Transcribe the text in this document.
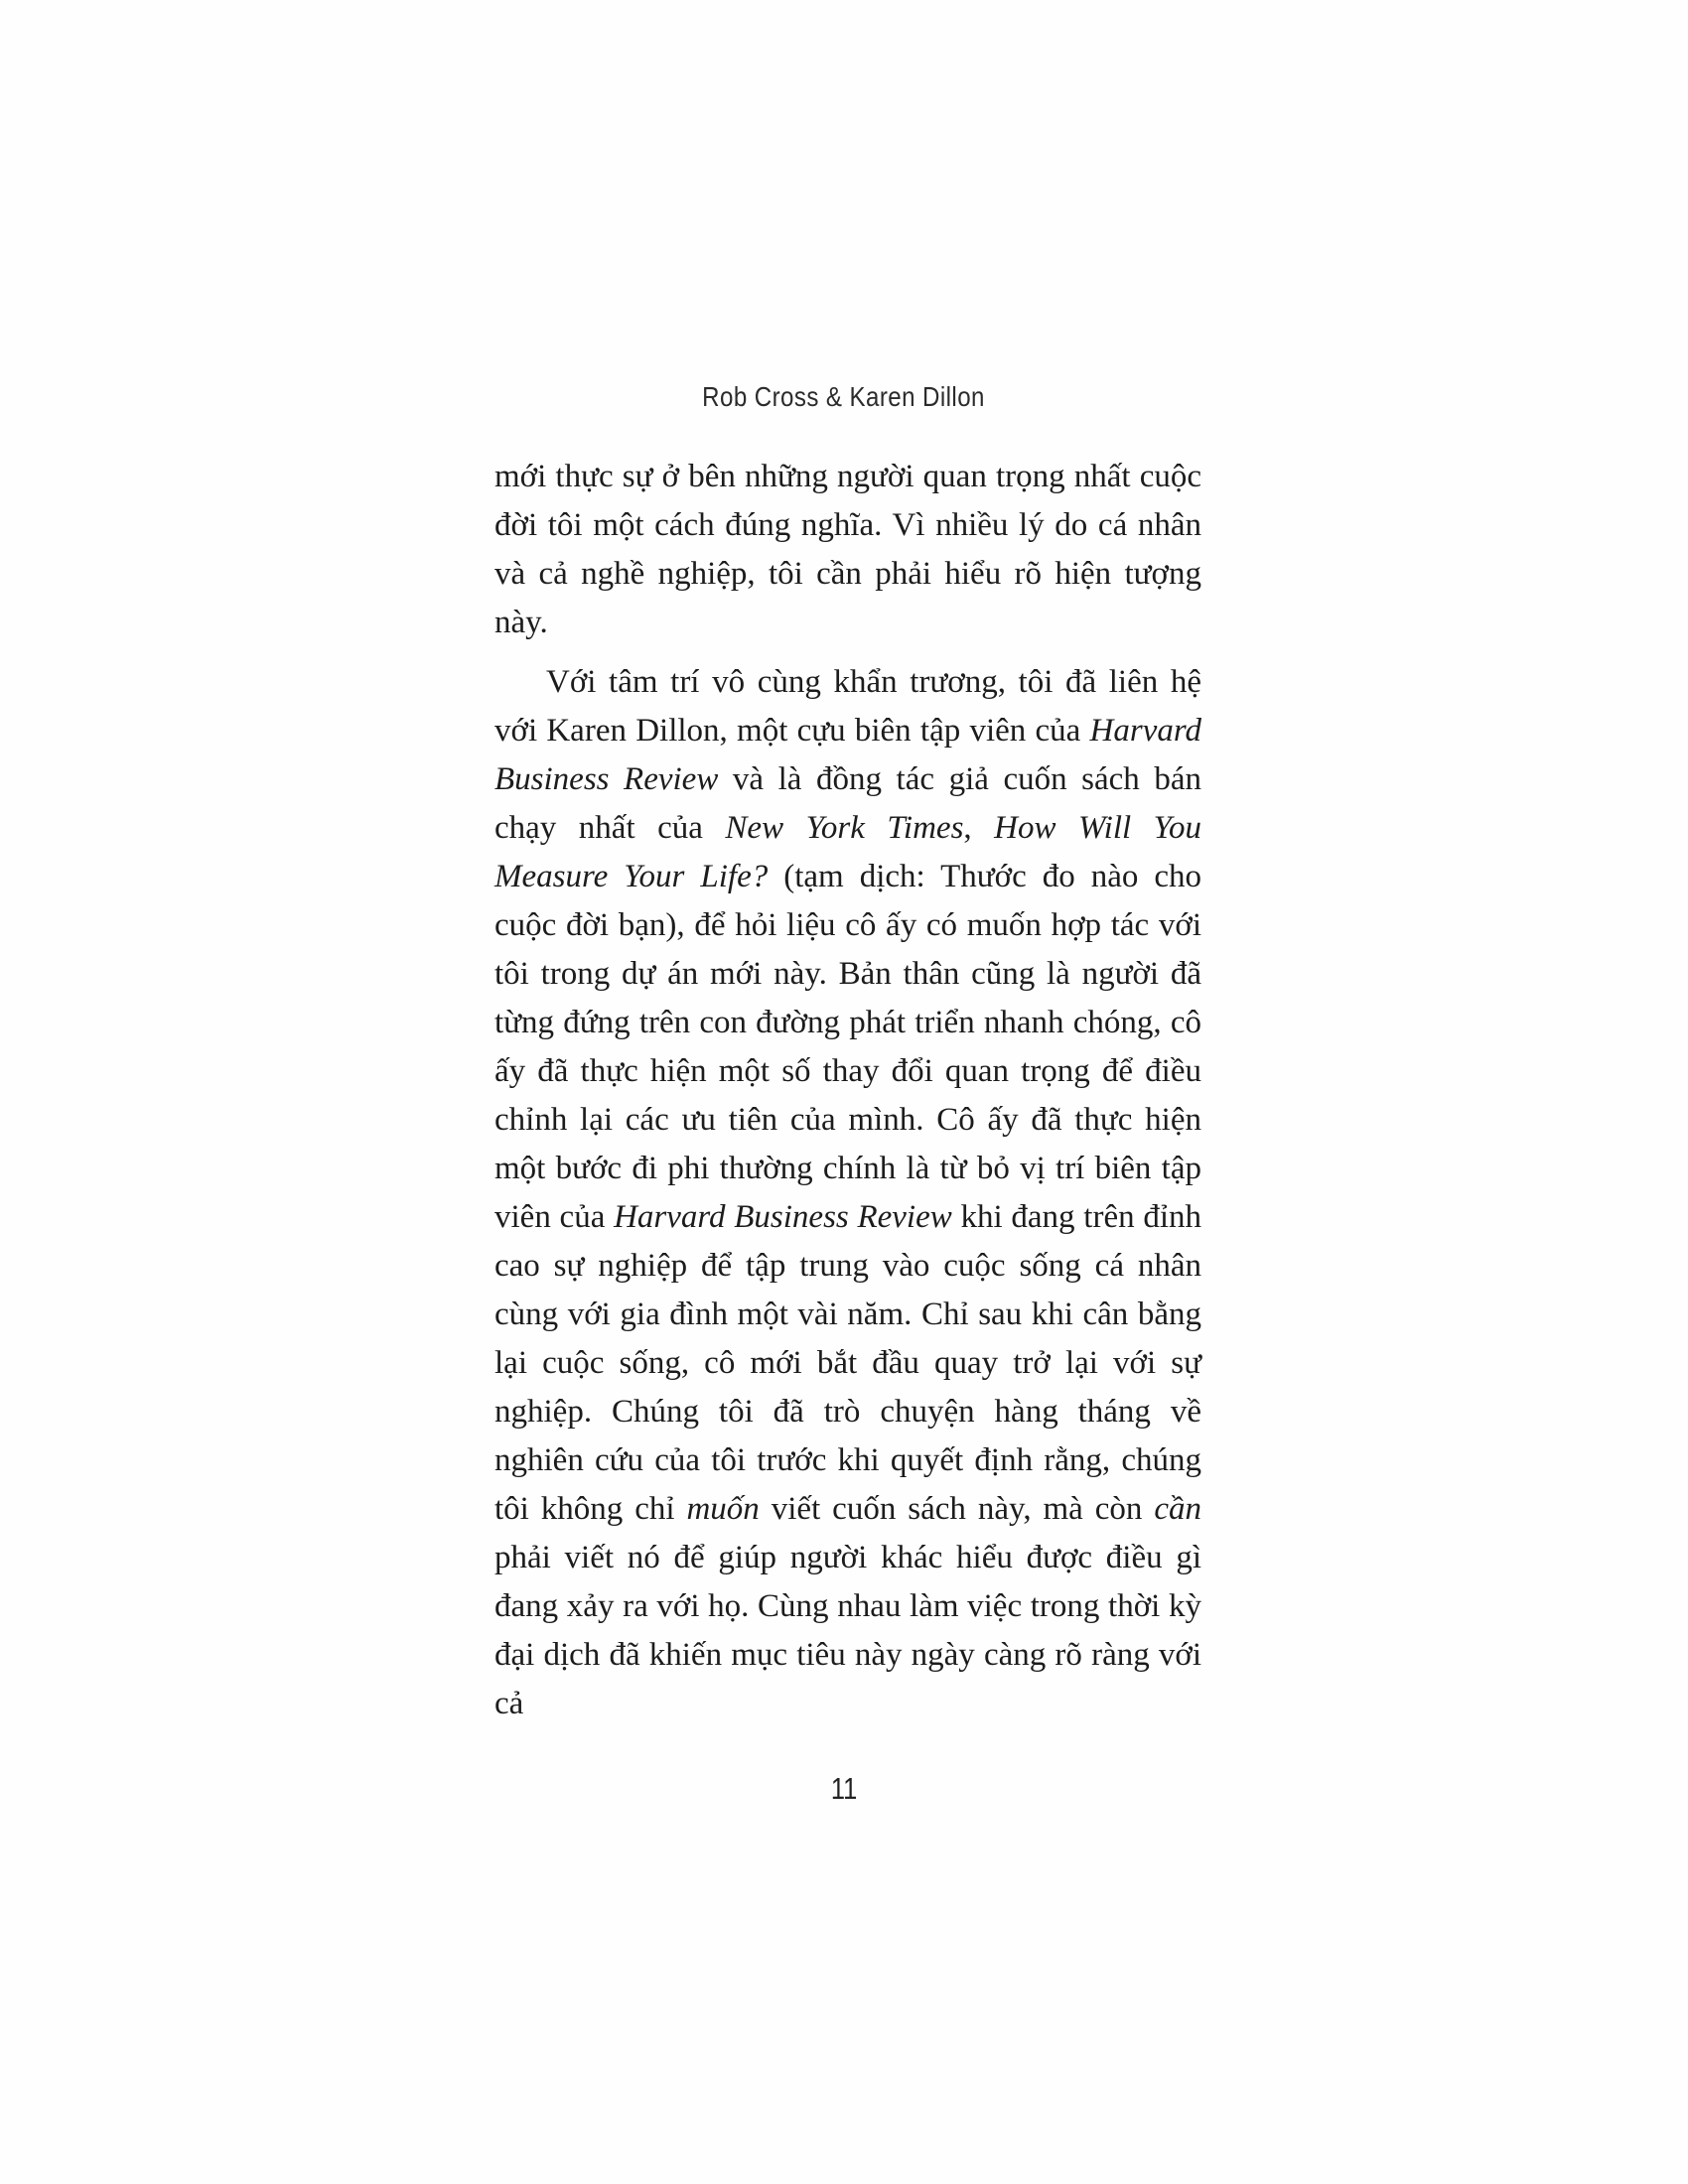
Rob Cross & Karen Dillon

mới thực sự ở bên những người quan trọng nhất cuộc đời tôi một cách đúng nghĩa. Vì nhiều lý do cá nhân và cả nghề nghiệp, tôi cần phải hiểu rõ hiện tượng này.

Với tâm trí vô cùng khẩn trương, tôi đã liên hệ với Karen Dillon, một cựu biên tập viên của Harvard Business Review và là đồng tác giả cuốn sách bán chạy nhất của New York Times, How Will You Measure Your Life? (tạm dịch: Thước đo nào cho cuộc đời bạn), để hỏi liệu cô ấy có muốn hợp tác với tôi trong dự án mới này. Bản thân cũng là người đã từng đứng trên con đường phát triển nhanh chóng, cô ấy đã thực hiện một số thay đổi quan trọng để điều chỉnh lại các ưu tiên của mình. Cô ấy đã thực hiện một bước đi phi thường chính là từ bỏ vị trí biên tập viên của Harvard Business Review khi đang trên đỉnh cao sự nghiệp để tập trung vào cuộc sống cá nhân cùng với gia đình một vài năm. Chỉ sau khi cân bằng lại cuộc sống, cô mới bắt đầu quay trở lại với sự nghiệp. Chúng tôi đã trò chuyện hàng tháng về nghiên cứu của tôi trước khi quyết định rằng, chúng tôi không chỉ muốn viết cuốn sách này, mà còn cần phải viết nó để giúp người khác hiểu được điều gì đang xảy ra với họ. Cùng nhau làm việc trong thời kỳ đại dịch đã khiến mục tiêu này ngày càng rõ ràng với cả

11
